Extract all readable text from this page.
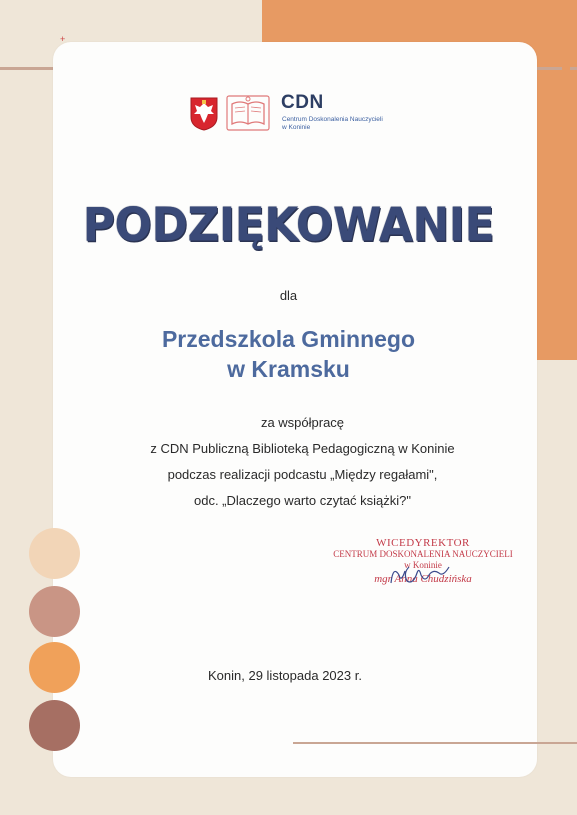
+
CDN
Centrum Doskonalenia Nauczycieli
w Koninie
PODZIĘKOWANIE
dla
Przedszkola Gminnego
w Kramsku
za współpracę
z CDN Publiczną Biblioteką Pedagogiczną w Koninie
podczas realizacji podcastu „Między regałami",
odc. „Dlaczego warto czytać książki?"
WICEDYREKTOR
CENTRUM DOSKONALENIA NAUCZYCIELI
w Koninie
mgr Anna Chudzińska
Konin, 29 listopada 2023 r.
